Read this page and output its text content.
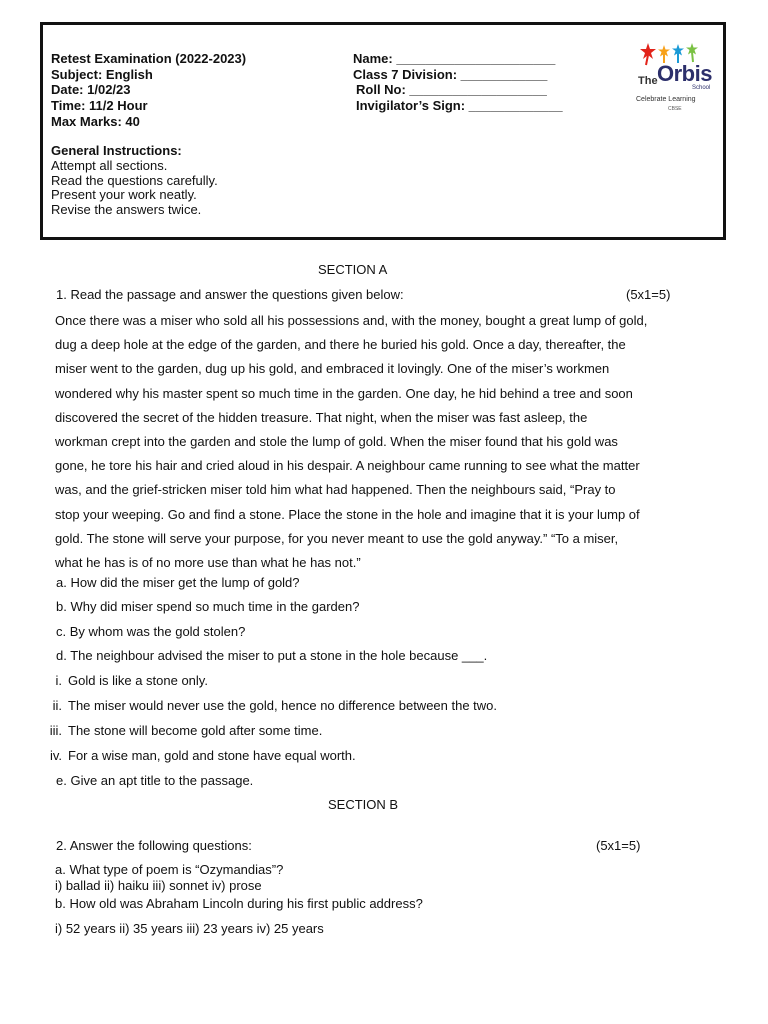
Retest Examination (2022-2023)
Subject: English
Date: 1/02/23
Time: 11/2 Hour
Max Marks: 40
Name: ______________________
Class 7 Division: ____________
Roll No: ___________________
Invigilator’s Sign: _____________
General Instructions:
Attempt all sections.
Read the questions carefully.
Present your work neatly.
Revise the answers twice.
The Orbis
School
Celebrate Learning
CBSE
SECTION A
1. Read the passage and answer the questions given below:	(5x1=5)
Once there was a miser who sold all his possessions and, with the money, bought a great lump of gold,
dug a deep hole at the edge of the garden, and there he buried his gold. Once a day, thereafter, the
miser went to the garden, dug up his gold, and embraced it lovingly. One of the miser’s workmen
wondered why his master spent so much time in the garden. One day, he hid behind a tree and soon
discovered the secret of the hidden treasure. That night, when the miser was fast asleep, the
workman crept into the garden and stole the lump of gold. When the miser found that his gold was
gone, he tore his hair and cried aloud in his despair. A neighbour came running to see what the matter
was, and the grief-stricken miser told him what had happened. Then the neighbours said, “Pray to
stop your weeping. Go and find a stone. Place the stone in the hole and imagine that it is your lump of
gold. The stone will serve your purpose, for you never meant to use the gold anyway.” “To a miser,
what he has is of no more use than what he has not.”
a. How did the miser get the lump of gold?
b. Why did miser spend so much time in the garden?
c. By whom was the gold stolen?
d. The neighbour advised the miser to put a stone in the hole because ___.
i. Gold is like a stone only.
ii. The miser would never use the gold, hence no difference between the two.
iii. The stone will become gold after some time.
iv. For a wise man, gold and stone have equal worth.
e. Give an apt title to the passage.
SECTION B
2. Answer the following questions:	(5x1=5)
a. What type of poem is “Ozymandias”?
i) ballad ii) haiku iii) sonnet iv) prose
b. How old was Abraham Lincoln during his first public address?
i) 52 years ii) 35 years iii) 23 years iv) 25 years
